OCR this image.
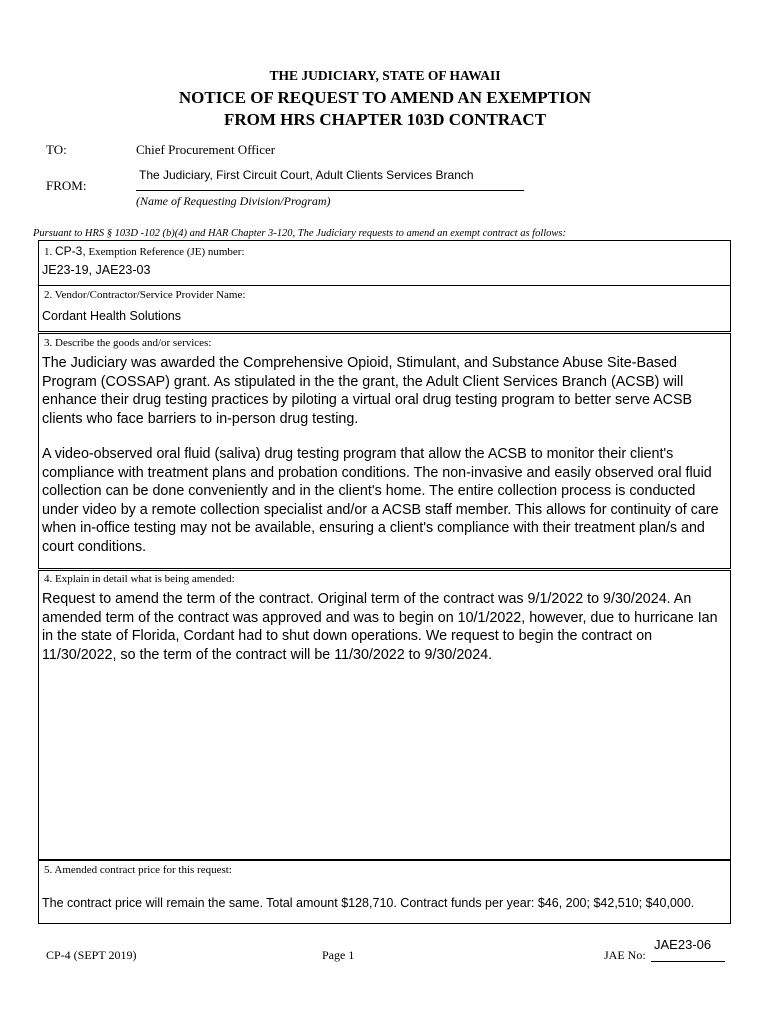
THE JUDICIARY, STATE OF HAWAII
NOTICE OF REQUEST TO AMEND AN EXEMPTION
FROM HRS CHAPTER 103D CONTRACT
TO:	Chief Procurement Officer
FROM:
The Judiciary, First Circuit Court, Adult Clients Services Branch
(Name of Requesting Division/Program)
Pursuant to HRS § 103D -102 (b)(4) and HAR Chapter 3-120, The Judiciary requests to amend an exempt contract as follows:
1. CP-3, Exemption Reference (JE) number:
JE23-19, JAE23-03
2. Vendor/Contractor/Service Provider Name:
Cordant Health Solutions
3. Describe the goods and/or services:
The Judiciary was awarded the Comprehensive Opioid, Stimulant, and Substance Abuse Site-Based Program (COSSAP) grant. As stipulated in the the grant, the Adult Client Services Branch (ACSB) will enhance their drug testing practices by piloting a virtual oral drug testing program to better serve ACSB clients who face barriers to in-person drug testing.
A video-observed oral fluid (saliva) drug testing program that allow the ACSB to monitor their client's compliance with treatment plans and probation conditions. The non-invasive and easily observed oral fluid collection can be done conveniently and in the client's home. The entire collection process is conducted under video by a remote collection specialist and/or a ACSB staff member. This allows for continuity of care when in-office testing may not be available, ensuring a client's compliance with their treatment plan/s and court conditions.
4. Explain in detail what is being amended:
Request to amend the term of the contract. Original term of the contract was 9/1/2022 to 9/30/2024. An amended term of the contract was approved and was to begin on 10/1/2022, however, due to hurricane Ian in the state of Florida, Cordant had to shut down operations. We request to begin the contract on 11/30/2022, so the term of the contract will be 11/30/2022 to 9/30/2024.
5. Amended contract price for this request:
The contract price will remain the same. Total amount $128,710. Contract funds per year: $46, 200; $42,510; $40,000.
CP-4 (SEPT 2019)	Page 1	JAE No:
JAE23-06
